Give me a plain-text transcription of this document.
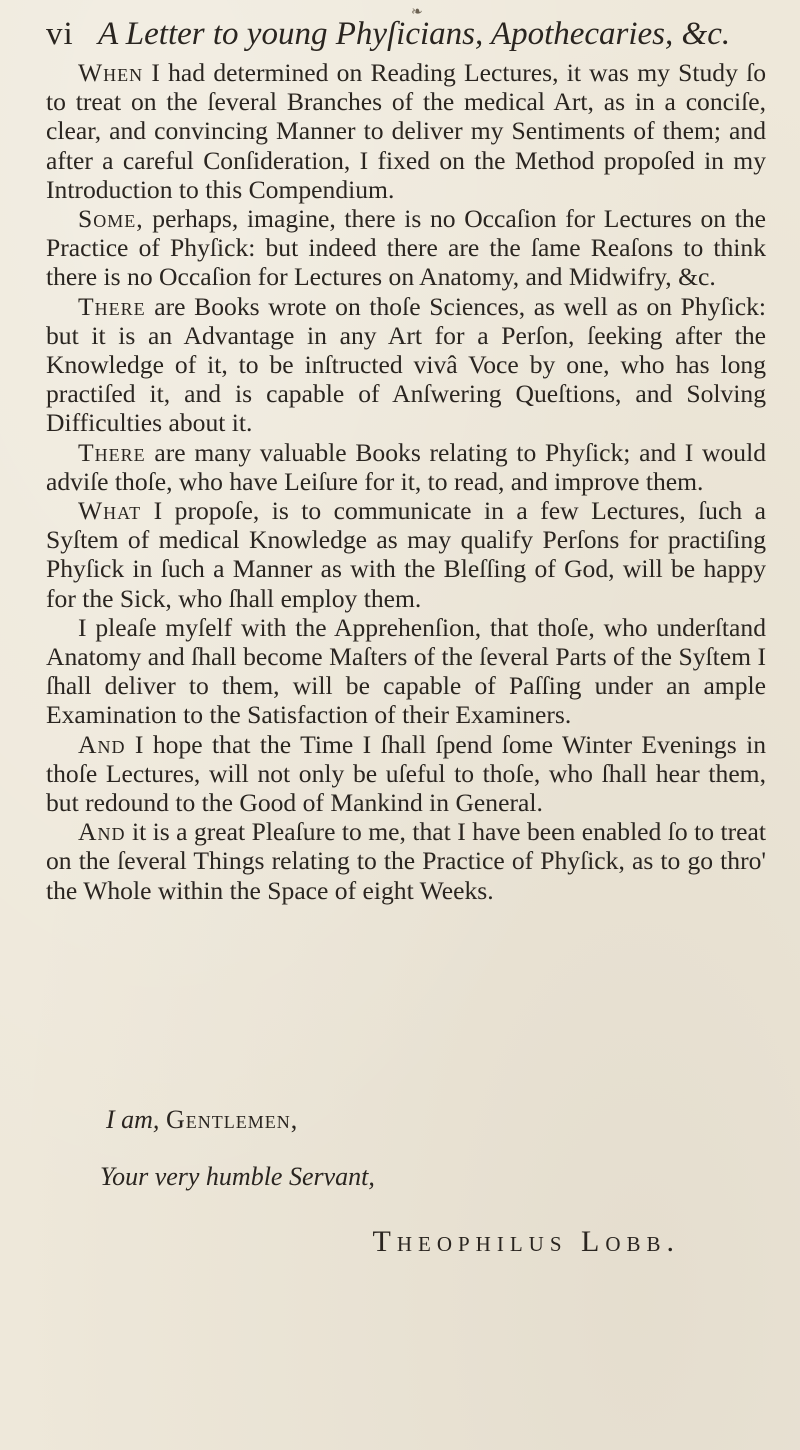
❧
vi A Letter to young Phyſicians, Apothecaries, &c.

When I had determined on Reading Lectures, it was my Study ſo to treat on the ſeveral Branches of the medical Art, as in a conciſe, clear, and convincing Manner to deliver my Sentiments of them; and after a careful Conſideration, I fixed on the Method propoſed in my Introduction to this Compendium.

Some, perhaps, imagine, there is no Occaſion for Lectures on the Practice of Phyſick: but indeed there are the ſame Reaſons to think there is no Occaſion for Lectures on Anatomy, and Midwifry, &c.

There are Books wrote on thoſe Sciences, as well as on Phyſick: but it is an Advantage in any Art for a Perſon, ſeeking after the Knowledge of it, to be inſtructed vivâ Voce by one, who has long practiſed it, and is capable of Anſwering Queſtions, and Solving Difficulties about it.

There are many valuable Books relating to Phyſick; and I would adviſe thoſe, who have Leiſure for it, to read, and improve them.

What I propoſe, is to communicate in a few Lectures, ſuch a Syſtem of medical Knowledge as may qualify Perſons for practiſing Phyſick in ſuch a Manner as with the Bleſſing of God, will be happy for the Sick, who ſhall employ them.

I pleaſe myſelf with the Apprehenſion, that thoſe, who underſtand Anatomy and ſhall become Maſters of the ſeveral Parts of the Syſtem I ſhall deliver to them, will be capable of Paſſing under an ample Examination to the Satisfaction of their Examiners.

And I hope that the Time I ſhall ſpend ſome Winter Evenings in thoſe Lectures, will not only be uſeful to thoſe, who ſhall hear them, but redound to the Good of Mankind in General.

And it is a great Pleaſure to me, that I have been enabled ſo to treat on the ſeveral Things relating to the Practice of Phyſick, as to go thro' the Whole within the Space of eight Weeks.

I am, Gentlemen,
Your very humble Servant,
Theophilus Lobb.
